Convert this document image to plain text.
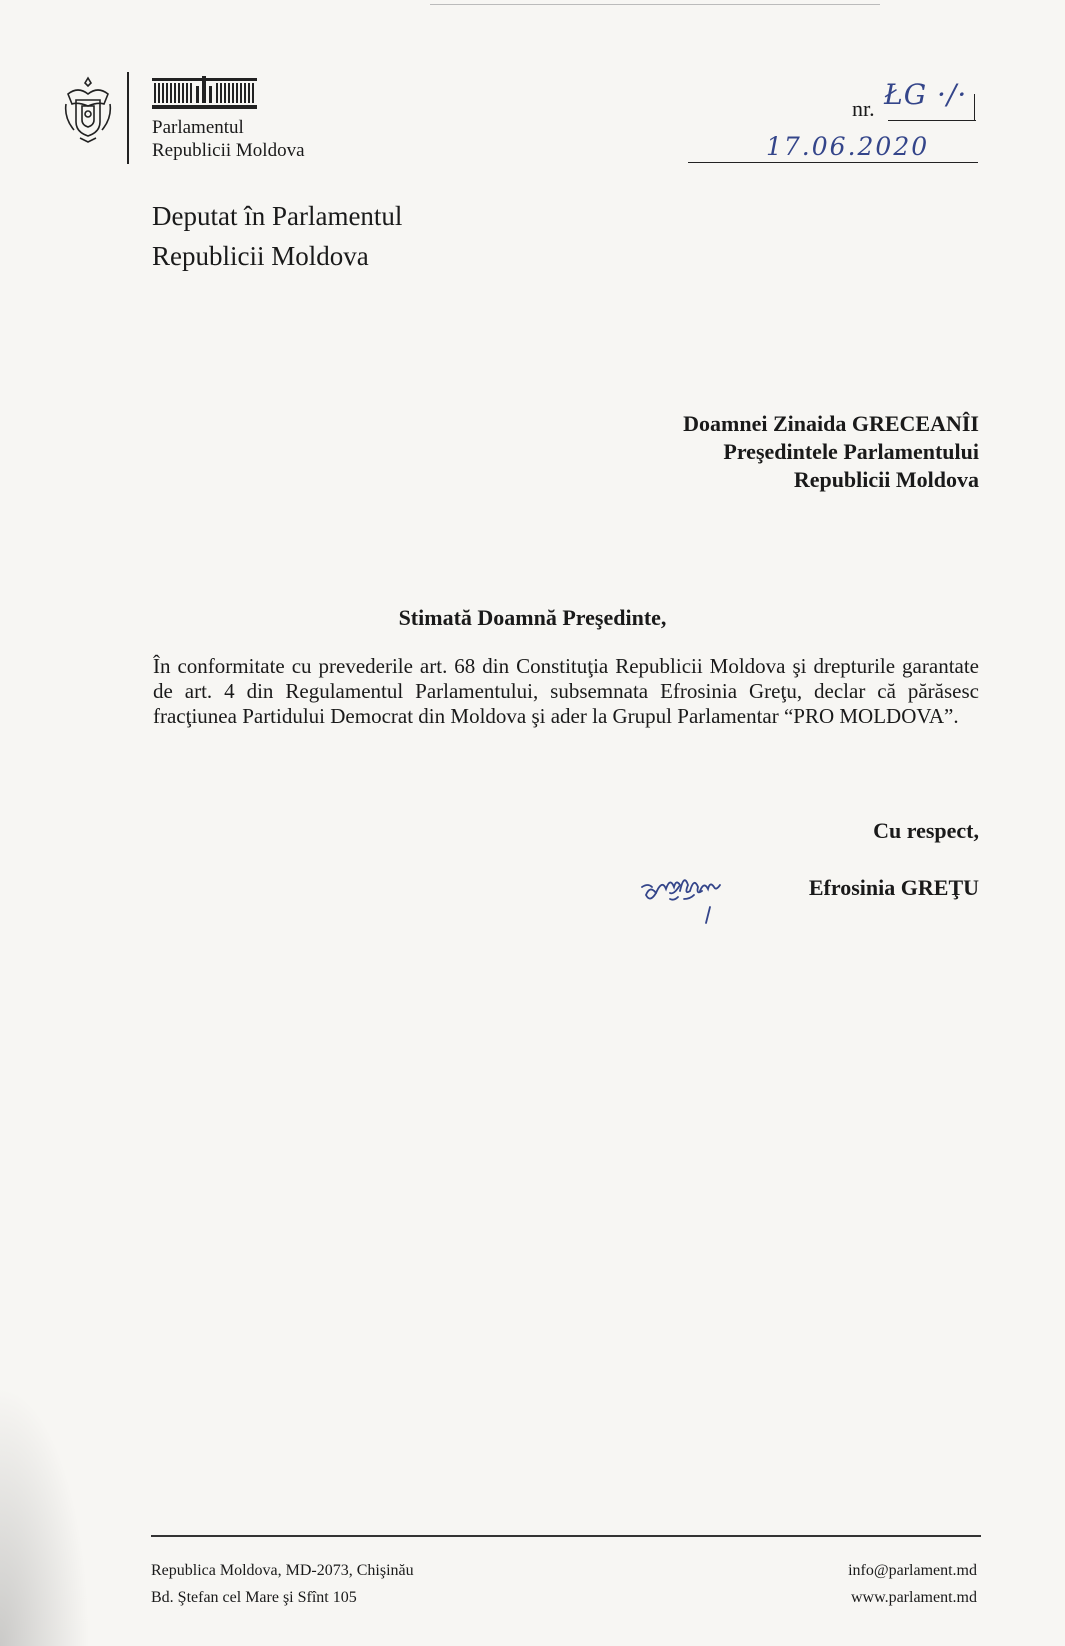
Parlamentul
Republicii Moldova
nr. ŁG ·/·
17.06.2020
Deputat în Parlamentul
Republicii Moldova
Doamnei Zinaida GRECEANÎI
Preşedintele Parlamentului
Republicii Moldova
Stimată Doamnă Preşedinte,
În conformitate cu prevederile art. 68 din Constituţia Republicii Moldova şi drepturile garantate de art. 4 din Regulamentul Parlamentului, subsemnata Efrosinia Greţu, declar că părăsesc fracţiunea Partidului Democrat din Moldova şi ader la Grupul Parlamentar “PRO MOLDOVA”.
Cu respect,
Efrosinia GREŢU
Republica Moldova, MD-2073, Chişinău
Bd. Ştefan cel Mare şi Sfînt 105
info@parlament.md
www.parlament.md
